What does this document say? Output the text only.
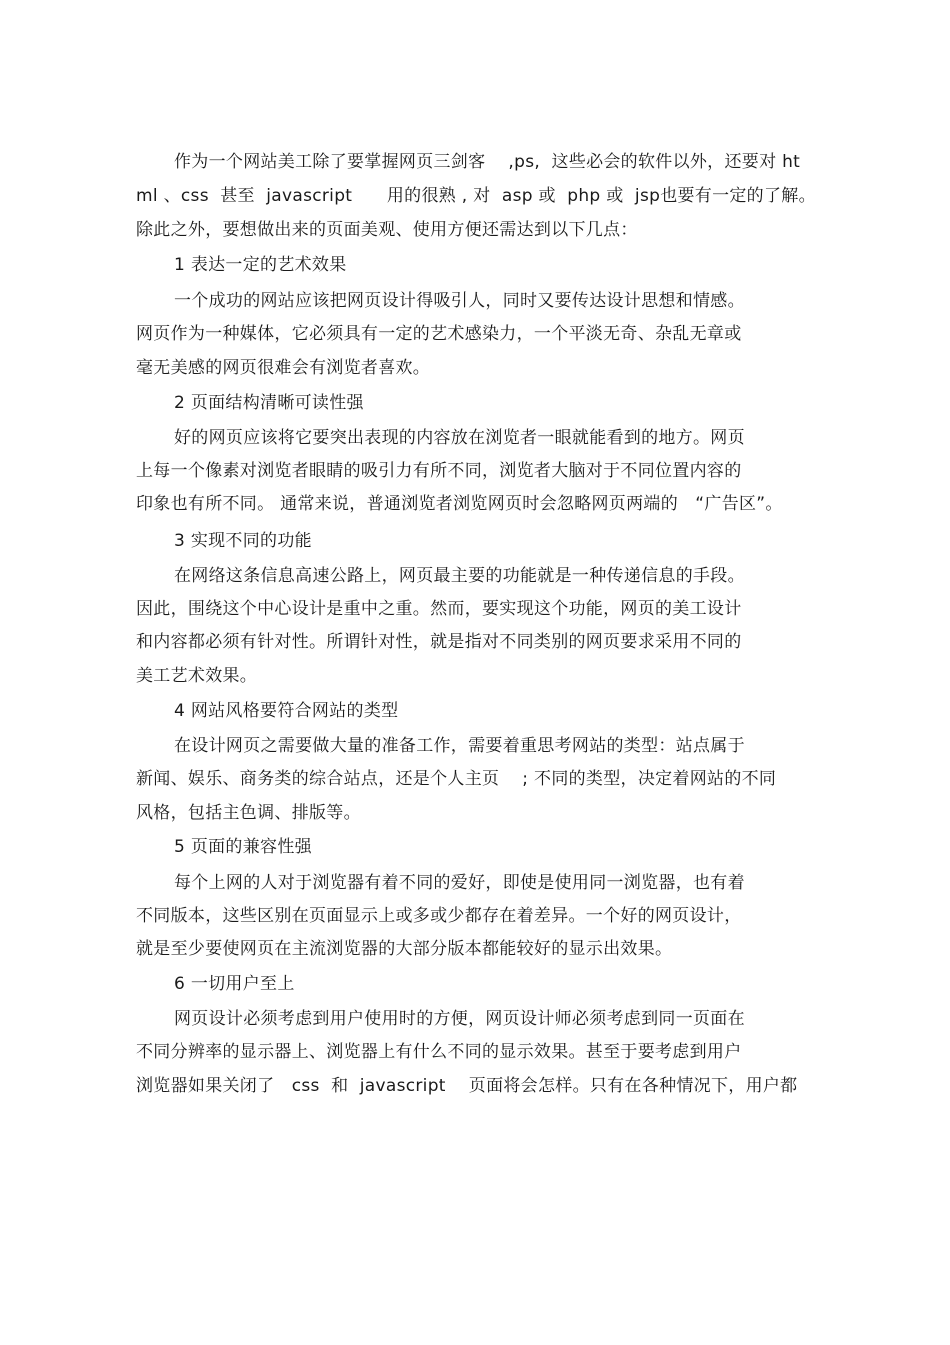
作为一个网站美工除了要掌握网页三剑客　 ,ps,  这些必会的软件以外，还要对 ht
ml 、css  甚至  javascript　　用的很熟 , 对  asp 或  php 或  jsp也要有一定的了解。
除此之外，要想做出来的页面美观、使用方便还需达到以下几点：
1 表达一定的艺术效果
一个成功的网站应该把网页设计得吸引人，同时又要传达设计思想和情感。
网页作为一种媒体，它必须具有一定的艺术感染力，一个平淡无奇、杂乱无章或
毫无美感的网页很难会有浏览者喜欢。
2 页面结构清晰可读性强
好的网页应该将它要突出表现的内容放在浏览者一眼就能看到的地方。网页
上每一个像素对浏览者眼睛的吸引力有所不同，浏览者大脑对于不同位置内容的
印象也有所不同。 通常来说，普通浏览者浏览网页时会忽略网页两端的　“广告区”。
3 实现不同的功能
在网络这条信息高速公路上，网页最主要的功能就是一种传递信息的手段。
因此，围绕这个中心设计是重中之重。然而，要实现这个功能，网页的美工设计
和内容都必须有针对性。所谓针对性，就是指对不同类别的网页要求采用不同的
美工艺术效果。
4 网站风格要符合网站的类型
在设计网页之需要做大量的准备工作，需要着重思考网站的类型：站点属于
新闻、娱乐、商务类的综合站点，还是个人主页　 ; 不同的类型，决定着网站的不同
风格，包括主色调、排版等。
5 页面的兼容性强
每个上网的人对于浏览器有着不同的爱好，即使是使用同一浏览器，也有着
不同版本，这些区别在页面显示上或多或少都存在着差异。一个好的网页设计，
就是至少要使网页在主流浏览器的大部分版本都能较好的显示出效果。
6 一切用户至上
网页设计必须考虑到用户使用时的方便，网页设计师必须考虑到同一页面在
不同分辨率的显示器上、浏览器上有什么不同的显示效果。甚至于要考虑到用户
浏览器如果关闭了　css  和  javascript　 页面将会怎样。只有在各种情况下，用户都
